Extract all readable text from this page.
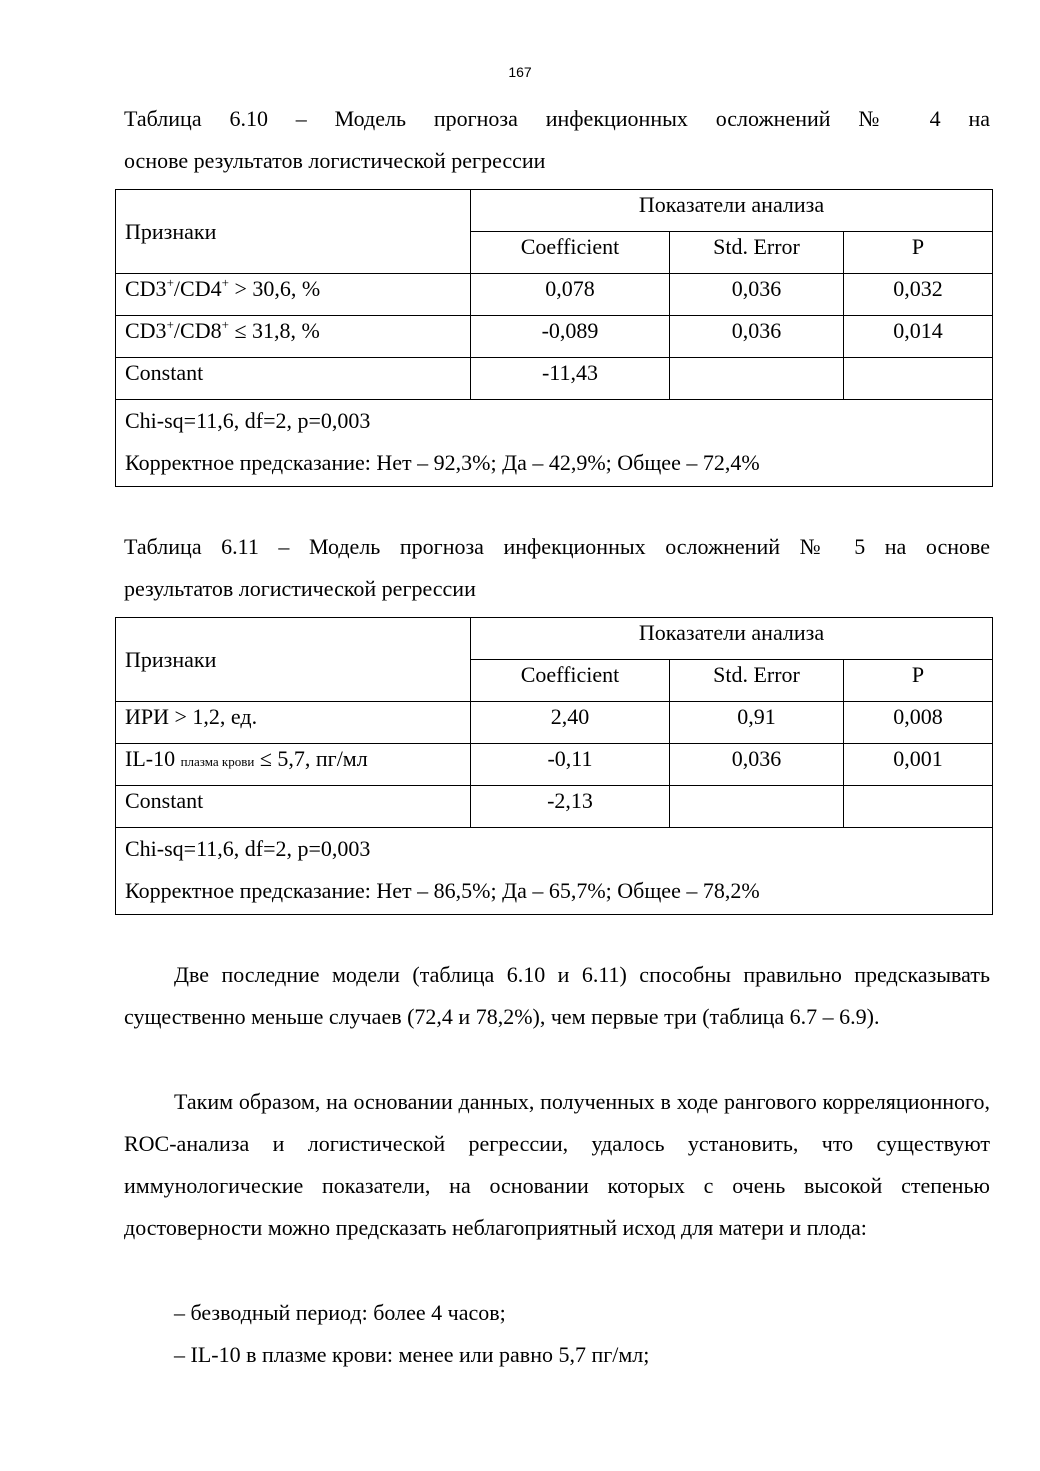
167
Таблица 6.10 – Модель прогноза инфекционных осложнений № 4 на
основе результатов логистической регрессии
Признаки	Показатели анализа		
	Coefficient	Std. Error	P
CD3+/CD4+ > 30,6, %	0,078	0,036	0,032
CD3+/CD8+ ≤ 31,8, %	-0,089	0,036	0,014
Constant	-11,43		

Chi-sq=11,6, df=2, p=0,003
Корректное предсказание: Нет – 92,3%; Да – 42,9%; Общее – 72,4%			
Таблица 6.11 – Модель прогноза инфекционных осложнений № 5 на основе
результатов логистической регрессии
Признаки	Показатели анализа		
	Coefficient	Std. Error	P
ИРИ > 1,2, ед.	2,40	0,91	0,008
IL-10 плазма крови ≤ 5,7, пг/мл	-0,11	0,036	0,001
Constant	-2,13		

Chi-sq=11,6, df=2, p=0,003
Корректное предсказание: Нет – 86,5%; Да – 65,7%; Общее – 78,2%			

Две последние модели (таблица 6.10 и 6.11) способны правильно предсказывать существенно меньше случаев (72,4 и 78,2%), чем первые три (таблица 6.7 – 6.9).

Таким образом, на основании данных, полученных в ходе рангового корреляционного, ROC-анализа и логистической регрессии, удалось установить, что существуют иммунологические показатели, на основании которых с очень высокой степенью достоверности можно предсказать неблагоприятный исход для матери и плода:

– безводный период: более 4 часов;
– IL-10 в плазме крови: менее или равно 5,7 пг/мл;
